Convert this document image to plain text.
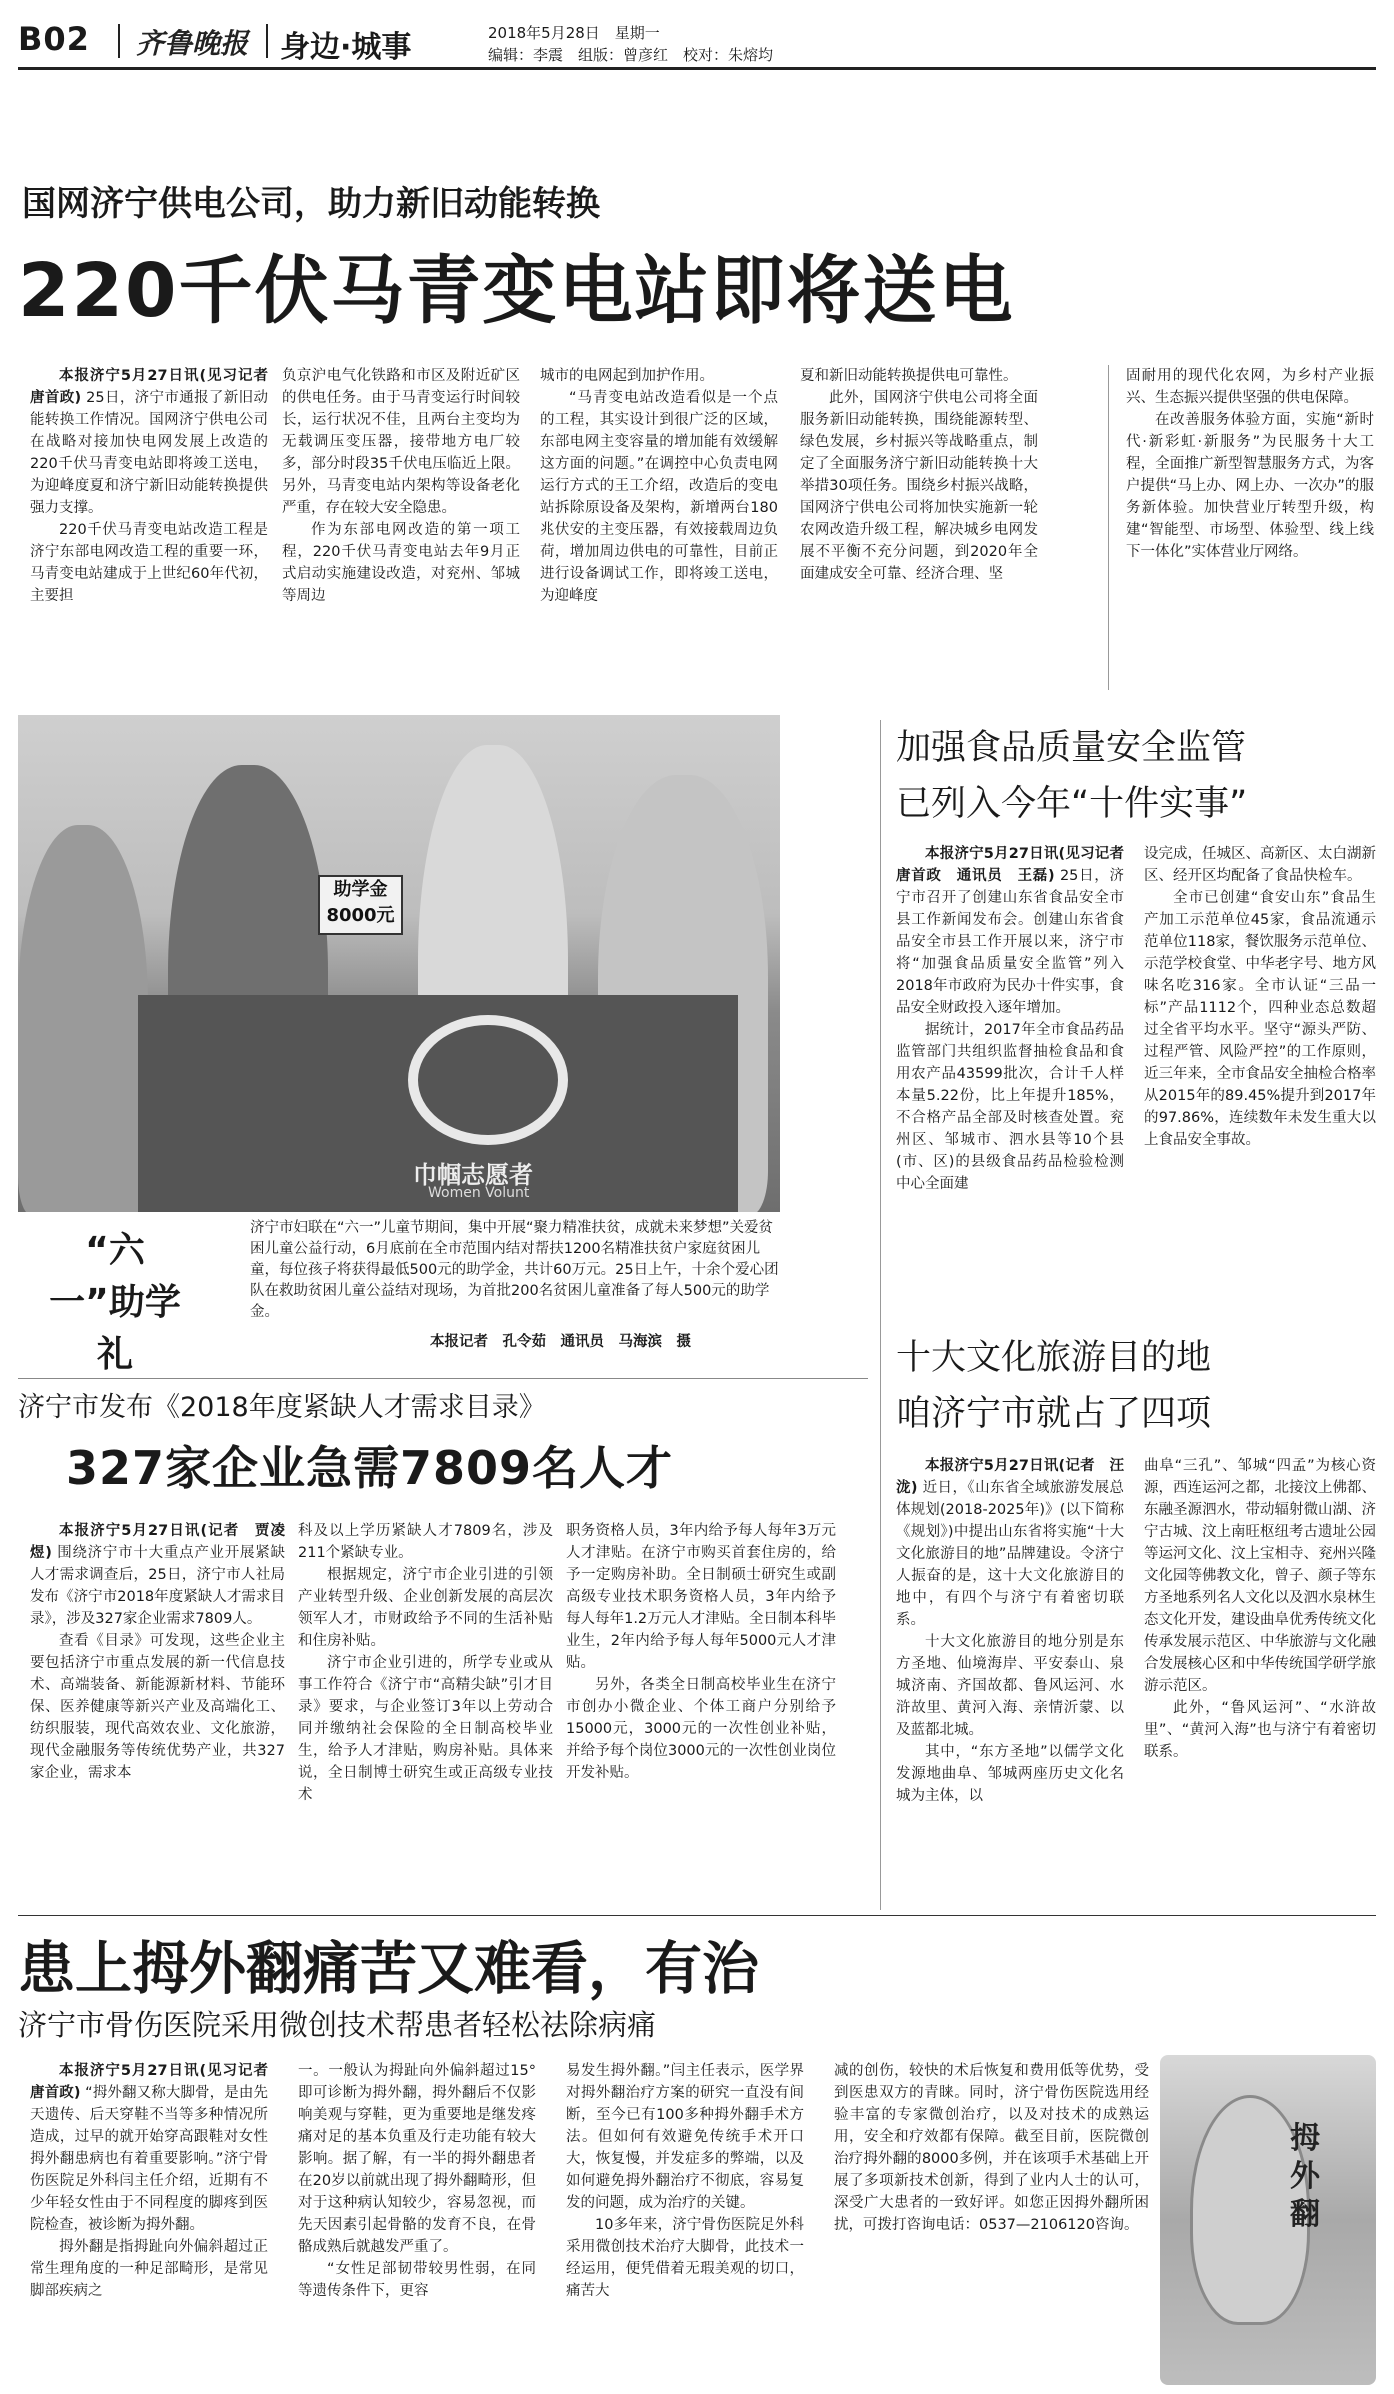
B02 齐鲁晚报 身边·城事	2018年5月28日　星期一
编辑：李震　组版：曾彦红　校对：朱熔均
国网济宁供电公司，助力新旧动能转换
220千伏马青变电站即将送电

本报济宁5月27日讯(见习记者　唐首政) 25日，济宁市通报了新旧动能转换工作情况。国网济宁供电公司在战略对接加快电网发展上改造的220千伏马青变电站即将竣工送电，为迎峰度夏和济宁新旧动能转换提供强力支撑。

220千伏马青变电站改造工程是济宁东部电网改造工程的重要一环，马青变电站建成于上世纪60年代初，主要担

负京沪电气化铁路和市区及附近矿区的供电任务。由于马青变运行时间较长，运行状况不佳，且两台主变均为无载调压变压器，接带地方电厂较多，部分时段35千伏电压临近上限。另外，马青变电站内架构等设备老化严重，存在较大安全隐患。

作为东部电网改造的第一项工程，220千伏马青变电站去年9月正式启动实施建设改造，对兖州、邹城等周边

城市的电网起到加护作用。

“马青变电站改造看似是一个点的工程，其实设计到很广泛的区域，东部电网主变容量的增加能有效缓解这方面的问题。”在调控中心负责电网运行方式的王工介绍，改造后的变电站拆除原设备及架构，新增两台180兆伏安的主变压器，有效接载周边负荷，增加周边供电的可靠性，目前正进行设备调试工作，即将竣工送电，为迎峰度

夏和新旧动能转换提供电可靠性。

此外，国网济宁供电公司将全面服务新旧动能转换，围绕能源转型、绿色发展，乡村振兴等战略重点，制定了全面服务济宁新旧动能转换十大举措30项任务。围绕乡村振兴战略，国网济宁供电公司将加快实施新一轮农网改造升级工程，解决城乡电网发展不平衡不充分问题，到2020年全面建成安全可靠、经济合理、坚

固耐用的现代化农网，为乡村产业振兴、生态振兴提供坚强的供电保障。

在改善服务体验方面，实施“新时代·新彩虹·新服务”为民服务十大工程，全面推广新型智慧服务方式，为客户提供“马上办、网上办、一次办”的服务新体验。加快营业厅转型升级，构建“智能型、市场型、体验型、线上线下一体化”实体营业厅网络。

巾帼志愿者
Women Volunt
助学金
8000元
“六一”助学礼
济宁市妇联在“六一”儿童节期间，集中开展“聚力精准扶贫，成就未来梦想”关爱贫困儿童公益行动，6月底前在全市范围内结对帮扶1200名精准扶贫户家庭贫困儿童，每位孩子将获得最低500元的助学金，共计60万元。25日上午，十余个爱心团队在救助贫困儿童公益结对现场，为首批200名贫困儿童准备了每人500元的助学金。
本报记者　孔令茹　通讯员　马海滨　摄
加强食品质量安全监管
已列入今年“十件实事”

本报济宁5月27日讯(见习记者　唐首政　通讯员　王磊) 25日，济宁市召开了创建山东省食品安全市县工作新闻发布会。创建山东省食品安全市县工作开展以来，济宁市将“加强食品质量安全监管”列入2018年市政府为民办十件实事，食品安全财政投入逐年增加。

据统计，2017年全市食品药品监管部门共组织监督抽检食品和食用农产品43599批次，合计千人样本量5.22份，比上年提升185%，不合格产品全部及时核查处置。兖州区、邹城市、泗水县等10个县(市、区)的县级食品药品检验检测中心全面建

设完成，任城区、高新区、太白湖新区、经开区均配备了食品快检车。

全市已创建“食安山东”食品生产加工示范单位45家，食品流通示范单位118家，餐饮服务示范单位、示范学校食堂、中华老字号、地方风味名吃316家。全市认证“三品一标”产品1112个，四种业态总数超过全省平均水平。坚守“源头严防、过程严管、风险严控”的工作原则，近三年来，全市食品安全抽检合格率从2015年的89.45%提升到2017年的97.86%，连续数年未发生重大以上食品安全事故。

十大文化旅游目的地
咱济宁市就占了四项

本报济宁5月27日讯(记者　汪泷) 近日，《山东省全域旅游发展总体规划(2018-2025年)》(以下简称《规划》)中提出山东省将实施“十大文化旅游目的地”品牌建设。令济宁人振奋的是，这十大文化旅游目的地中，有四个与济宁有着密切联系。

十大文化旅游目的地分别是东方圣地、仙境海岸、平安泰山、泉城济南、齐国故都、鲁风运河、水浒故里、黄河入海、亲情沂蒙、以及蓝都北城。

其中，“东方圣地”以儒学文化发源地曲阜、邹城两座历史文化名城为主体，以

曲阜“三孔”、邹城“四孟”为核心资源，西连运河之都，北接汶上佛都、东融圣源泗水，带动辐射微山湖、济宁古城、汶上南旺枢纽考古遗址公园等运河文化、汶上宝相寺、兖州兴隆文化园等佛教文化，曾子、颜子等东方圣地系列名人文化以及泗水泉林生态文化开发，建设曲阜优秀传统文化传承发展示范区、中华旅游与文化融合发展核心区和中华传统国学研学旅游示范区。

此外，“鲁风运河”、“水浒故里”、“黄河入海”也与济宁有着密切联系。

济宁市发布《2018年度紧缺人才需求目录》
327家企业急需7809名人才

本报济宁5月27日讯(记者　贾凌煜) 围绕济宁市十大重点产业开展紧缺人才需求调查后，25日，济宁市人社局发布《济宁市2018年度紧缺人才需求目录》，涉及327家企业需求7809人。

查看《目录》可发现，这些企业主要包括济宁市重点发展的新一代信息技术、高端装备、新能源新材料、节能环保、医养健康等新兴产业及高端化工、纺织服装，现代高效农业、文化旅游，现代金融服务等传统优势产业，共327家企业，需求本

科及以上学历紧缺人才7809名，涉及211个紧缺专业。

根据规定，济宁市企业引进的引领产业转型升级、企业创新发展的高层次领军人才，市财政给予不同的生活补贴和住房补贴。

济宁市企业引进的，所学专业或从事工作符合《济宁市“高精尖缺”引才目录》要求，与企业签订3年以上劳动合同并缴纳社会保险的全日制高校毕业生，给予人才津贴，购房补贴。具体来说，全日制博士研究生或正高级专业技术

职务资格人员，3年内给予每人每年3万元人才津贴。在济宁市购买首套住房的，给予一定购房补助。全日制硕士研究生或副高级专业技术职务资格人员，3年内给予每人每年1.2万元人才津贴。全日制本科毕业生，2年内给予每人每年5000元人才津贴。

另外，各类全日制高校毕业生在济宁市创办小微企业、个体工商户分别给予15000元，3000元的一次性创业补贴，并给予每个岗位3000元的一次性创业岗位开发补贴。

患上拇外翻痛苦又难看，有治
济宁市骨伤医院采用微创技术帮患者轻松祛除病痛

本报济宁5月27日讯(见习记者　唐首政) “拇外翻又称大脚骨，是由先天遗传、后天穿鞋不当等多种情况所造成，过早的就开始穿高跟鞋对女性拇外翻患病也有着重要影响。”济宁骨伤医院足外科闫主任介绍，近期有不少年轻女性由于不同程度的脚疼到医院检查，被诊断为拇外翻。

拇外翻是指拇趾向外偏斜超过正常生理角度的一种足部畸形，是常见脚部疾病之

一。一般认为拇趾向外偏斜超过15°即可诊断为拇外翻，拇外翻后不仅影响美观与穿鞋，更为重要地是继发疼痛对足的基本负重及行走功能有较大影响。据了解，有一半的拇外翻患者在20岁以前就出现了拇外翻畸形，但对于这种病认知较少，容易忽视，而先天因素引起骨骼的发育不良，在骨骼成熟后就越发严重了。

“女性足部韧带较男性弱，在同等遗传条件下，更容

易发生拇外翻。”闫主任表示，医学界对拇外翻治疗方案的研究一直没有间断，至今已有100多种拇外翻手术方法。但如何有效避免传统手术开口大，恢复慢，并发症多的弊端，以及如何避免拇外翻治疗不彻底，容易复发的问题，成为治疗的关键。

10多年来，济宁骨伤医院足外科采用微创技术治疗大脚骨，此技术一经运用，便凭借着无瑕美观的切口，痛苦大

减的创伤，较快的术后恢复和费用低等优势，受到医患双方的青睐。同时，济宁骨伤医院选用经验丰富的专家微创治疗，以及对技术的成熟运用，安全和疗效都有保障。截至目前，医院微创治疗拇外翻的8000多例，并在该项手术基础上开展了多项新技术创新，得到了业内人士的认可，深受广大患者的一致好评。如您正因拇外翻所困扰，可拨打咨询电话：0537—2106120咨询。

拇外翻
